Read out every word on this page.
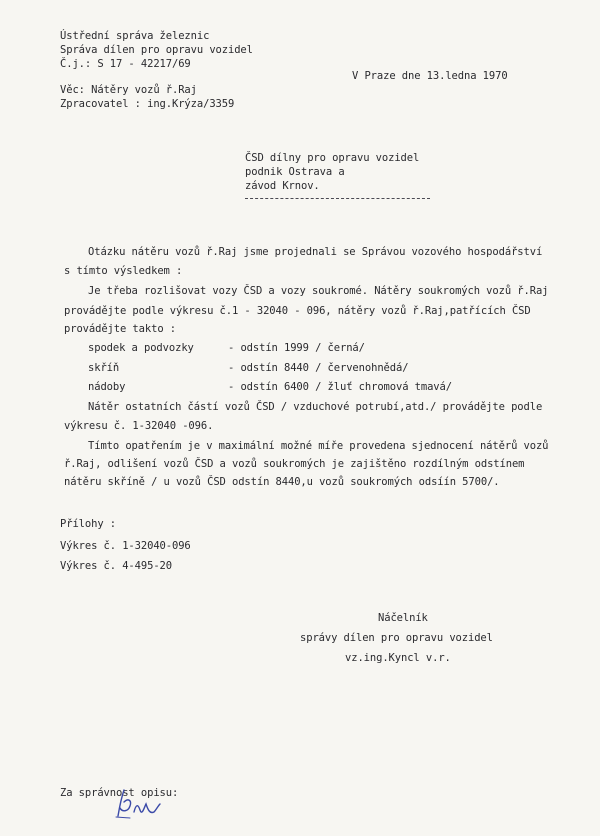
Ústřední správa železnic
Správa dílen pro opravu vozidel
Č.j.: S 17 - 42217/69
V Praze dne 13.ledna 1970
Věc: Nátěry vozů ř.Raj
Zpracovatel : ing.Krýza/3359
ČSD dílny pro opravu vozidel
podnik Ostrava a
závod Krnov.
Otázku nátěru vozů ř.Raj jsme projednali se Správou vozového hospodářství
s tímto výsledkem :
Je třeba rozlišovat vozy ČSD a vozy soukromé. Nátěry soukromých vozů ř.Raj
provádějte podle výkresu č.1 - 32040 - 096, nátěry vozů ř.Raj,patřících ČSD
provádějte takto :
spodek a podvozky	- odstín 1999 / černá/
skříň	- odstín 8440 / červenohnědá/
nádoby	- odstín 6400 / žluť chromová tmavá/
Nátěr ostatních částí vozů ČSD / vzduchové potrubí,atd./ provádějte podle
výkresu č. 1-32040 -096.
Tímto opatřením je v maximální možné míře provedena sjednocení nátěrů vozů
ř.Raj, odlišení vozů ČSD a vozů soukromých je zajištěno rozdílným odstínem
nátěru skříně / u vozů ČSD odstín 8440,u vozů soukromých odsíín 5700/.
Přílohy :
Výkres č. 1-32040-096
Výkres č. 4-495-20
Náčelník
správy dílen pro opravu vozidel
vz.ing.Kyncl v.r.
Za správnost opisu:
